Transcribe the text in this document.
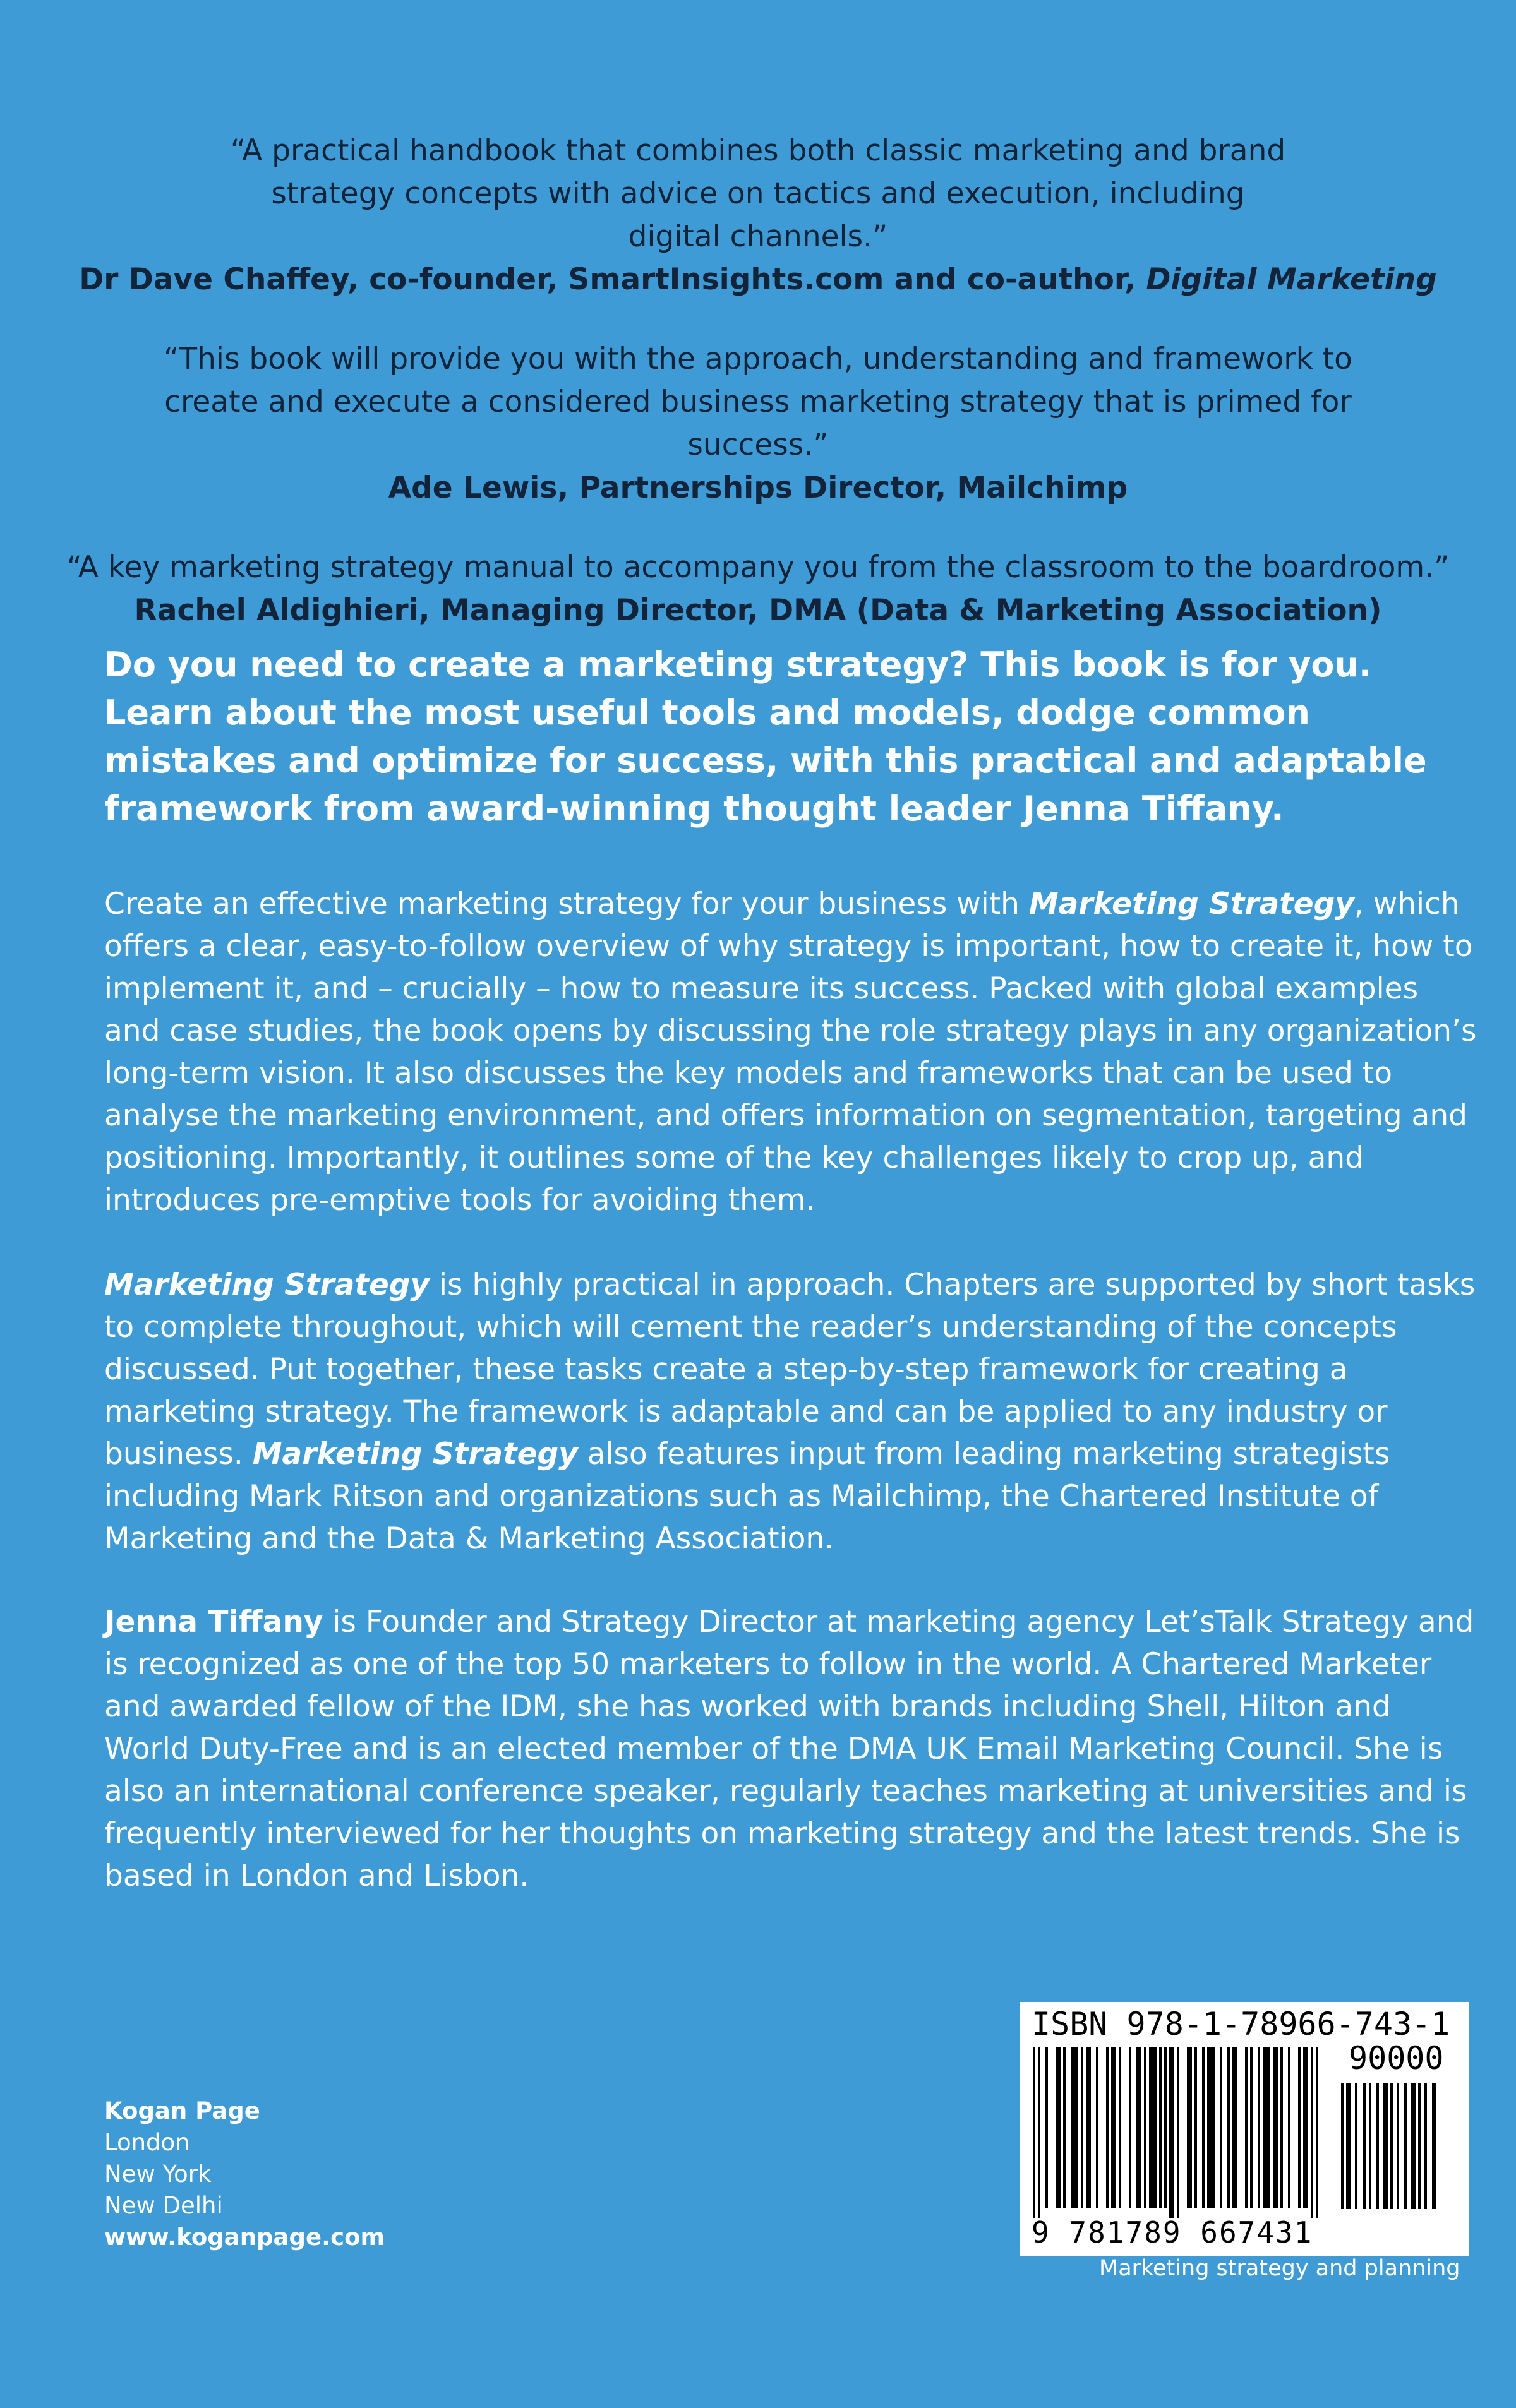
“A practical handbook that combines both classic marketing and brand strategy concepts with advice on tactics and execution, including digital channels.”

Dr Dave Chaffey, co-founder, SmartInsights.com and co-author, Digital Marketing

“This book will provide you with the approach, understanding and framework to create and execute a considered business marketing strategy that is primed for success.”

Ade Lewis, Partnerships Director, Mailchimp

“A key marketing strategy manual to accompany you from the classroom to the boardroom.”

Rachel Aldighieri, Managing Director, DMA (Data & Marketing Association)

Do you need to create a marketing strategy? This book is for you. Learn about the most useful tools and models, dodge common mistakes and optimize for success, with this practical and adaptable framework from award-winning thought leader Jenna Tiffany.

Create an effective marketing strategy for your business with Marketing Strategy, which offers a clear, easy-to-follow overview of why strategy is important, how to create it, how to implement it, and – crucially – how to measure its success. Packed with global examples and case studies, the book opens by discussing the role strategy plays in any organization’s long-term vision. It also discusses the key models and frameworks that can be used to analyse the marketing environment, and offers information on segmentation, targeting and positioning. Importantly, it outlines some of the key challenges likely to crop up, and introduces pre-emptive tools for avoiding them.

Marketing Strategy is highly practical in approach. Chapters are supported by short tasks to complete throughout, which will cement the reader’s understanding of the concepts discussed. Put together, these tasks create a step-by-step framework for creating a marketing strategy. The framework is adaptable and can be applied to any industry or business. Marketing Strategy also features input from leading marketing strategists including Mark Ritson and organizations such as Mailchimp, the Chartered Institute of Marketing and the Data & Marketing Association.

Jenna Tiffany is Founder and Strategy Director at marketing agency Let’sTalk Strategy and is recognized as one of the top 50 marketers to follow in the world. A Chartered Marketer and awarded fellow of the IDM, she has worked with brands including Shell, Hilton and World Duty-Free and is an elected member of the DMA UK Email Marketing Council. She is also an international conference speaker, regularly teaches marketing at universities and is frequently interviewed for her thoughts on marketing strategy and the latest trends. She is based in London and Lisbon.

Kogan Page
London
New York
New Delhi
www.koganpage.com
ISBN 978-1-78966-743-1
90000
9 781789 667431
Marketing strategy and planning
